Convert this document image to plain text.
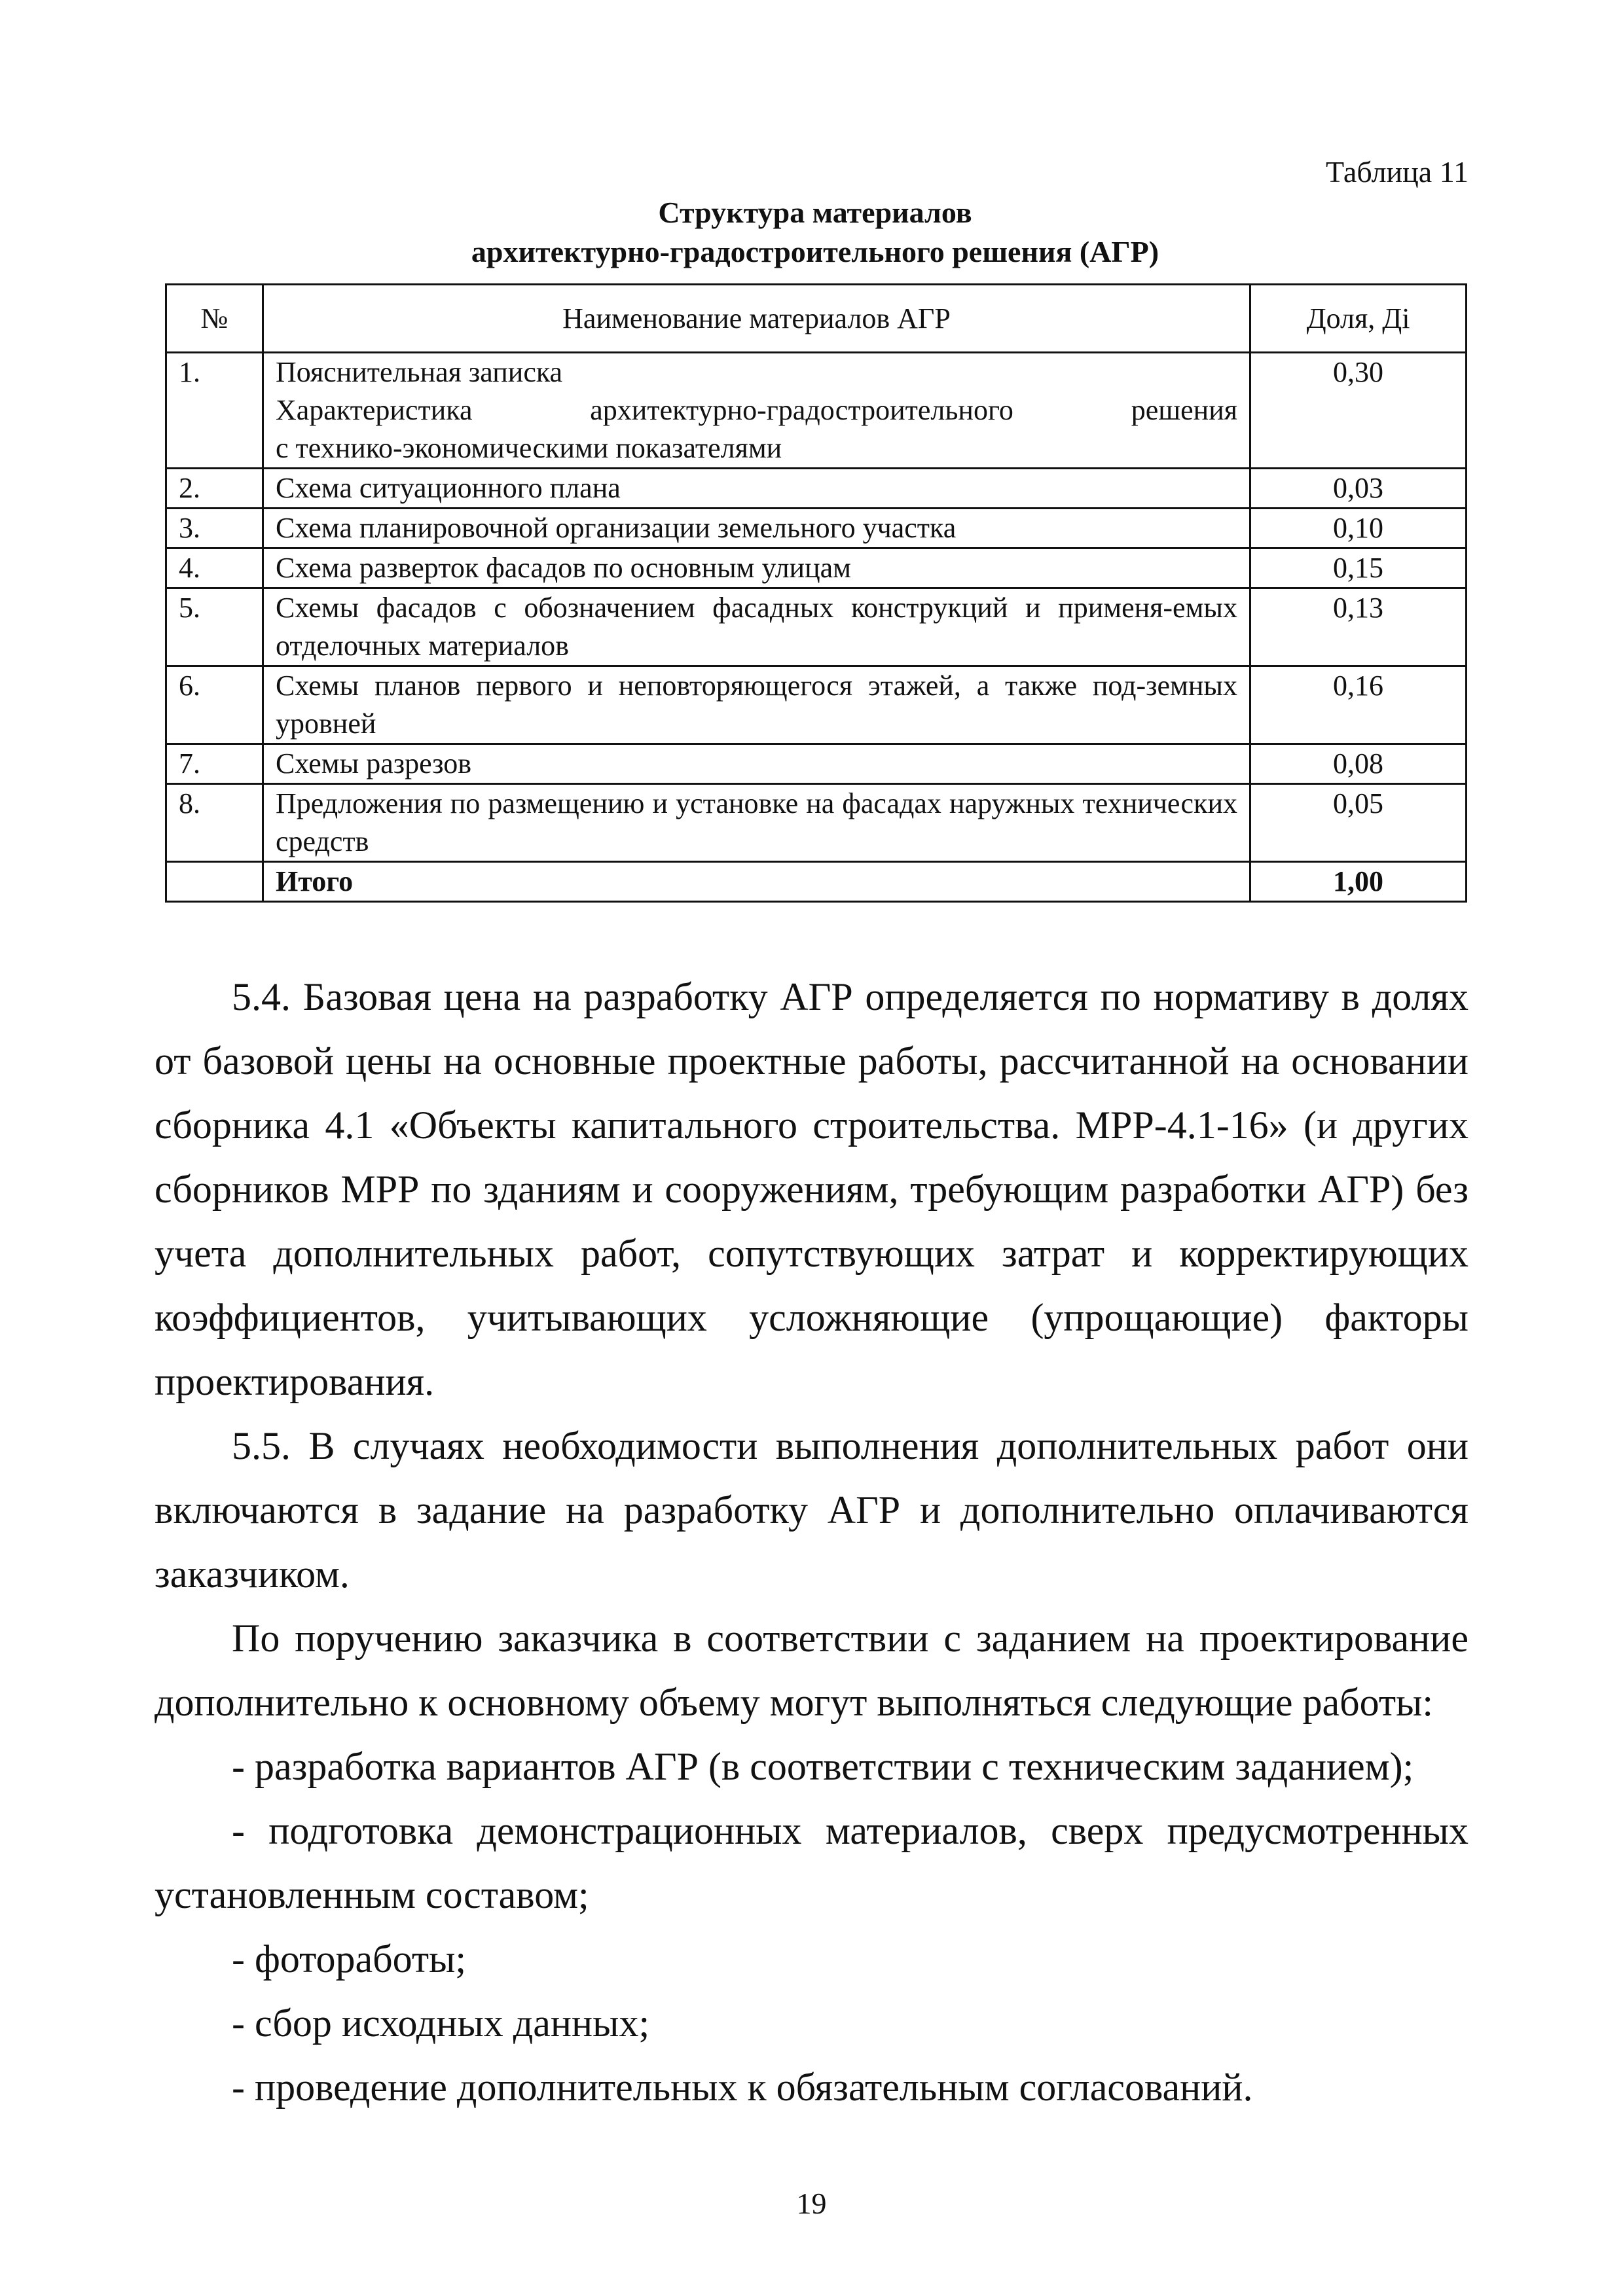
Таблица 11
Структура материалов
архитектурно-градостроительного решения (АГР)
№	Наименование материалов АГР	Доля, Дi
1.	Пояснительная записка
Характеристика архитектурно-градостроительного решения
с технико-экономическими показателями	0,30
2.	Схема ситуационного плана	0,03
3.	Схема планировочной организации земельного участка	0,10
4.	Схема разверток фасадов по основным улицам	0,15
5.	Схемы фасадов с обозначением фасадных конструкций и применя-емых отделочных материалов	0,13
6.	Схемы планов первого и неповторяющегося этажей, а также под-земных уровней	0,16
7.	Схемы разрезов	0,08
8.	Предложения по размещению и установке на фасадах наружных технических средств	0,05
	Итого	1,00

5.4. Базовая цена на разработку АГР определяется по нормативу в долях от базовой цены на основные проектные работы, рассчитанной на основании сборника 4.1 «Объекты капитального строительства. МРР-4.1-16» (и других сборников МРР по зданиям и сооружениям, требующим разработки АГР) без учета дополнительных работ, сопутствующих затрат и корректирующих коэффициентов, учитывающих усложняющие (упрощающие) факторы проектирования.

5.5. В случаях необходимости выполнения дополнительных работ они включаются в задание на разработку АГР и дополнительно оплачиваются заказчиком.

По поручению заказчика в соответствии с заданием на проектирование дополнительно к основному объему могут выполняться следующие работы:

- разработка вариантов АГР (в соответствии с техническим заданием);

- подготовка демонстрационных материалов, сверх предусмотренных установленным составом;

- фотоработы;

- сбор исходных данных;

- проведение дополнительных к обязательным согласований.

19
